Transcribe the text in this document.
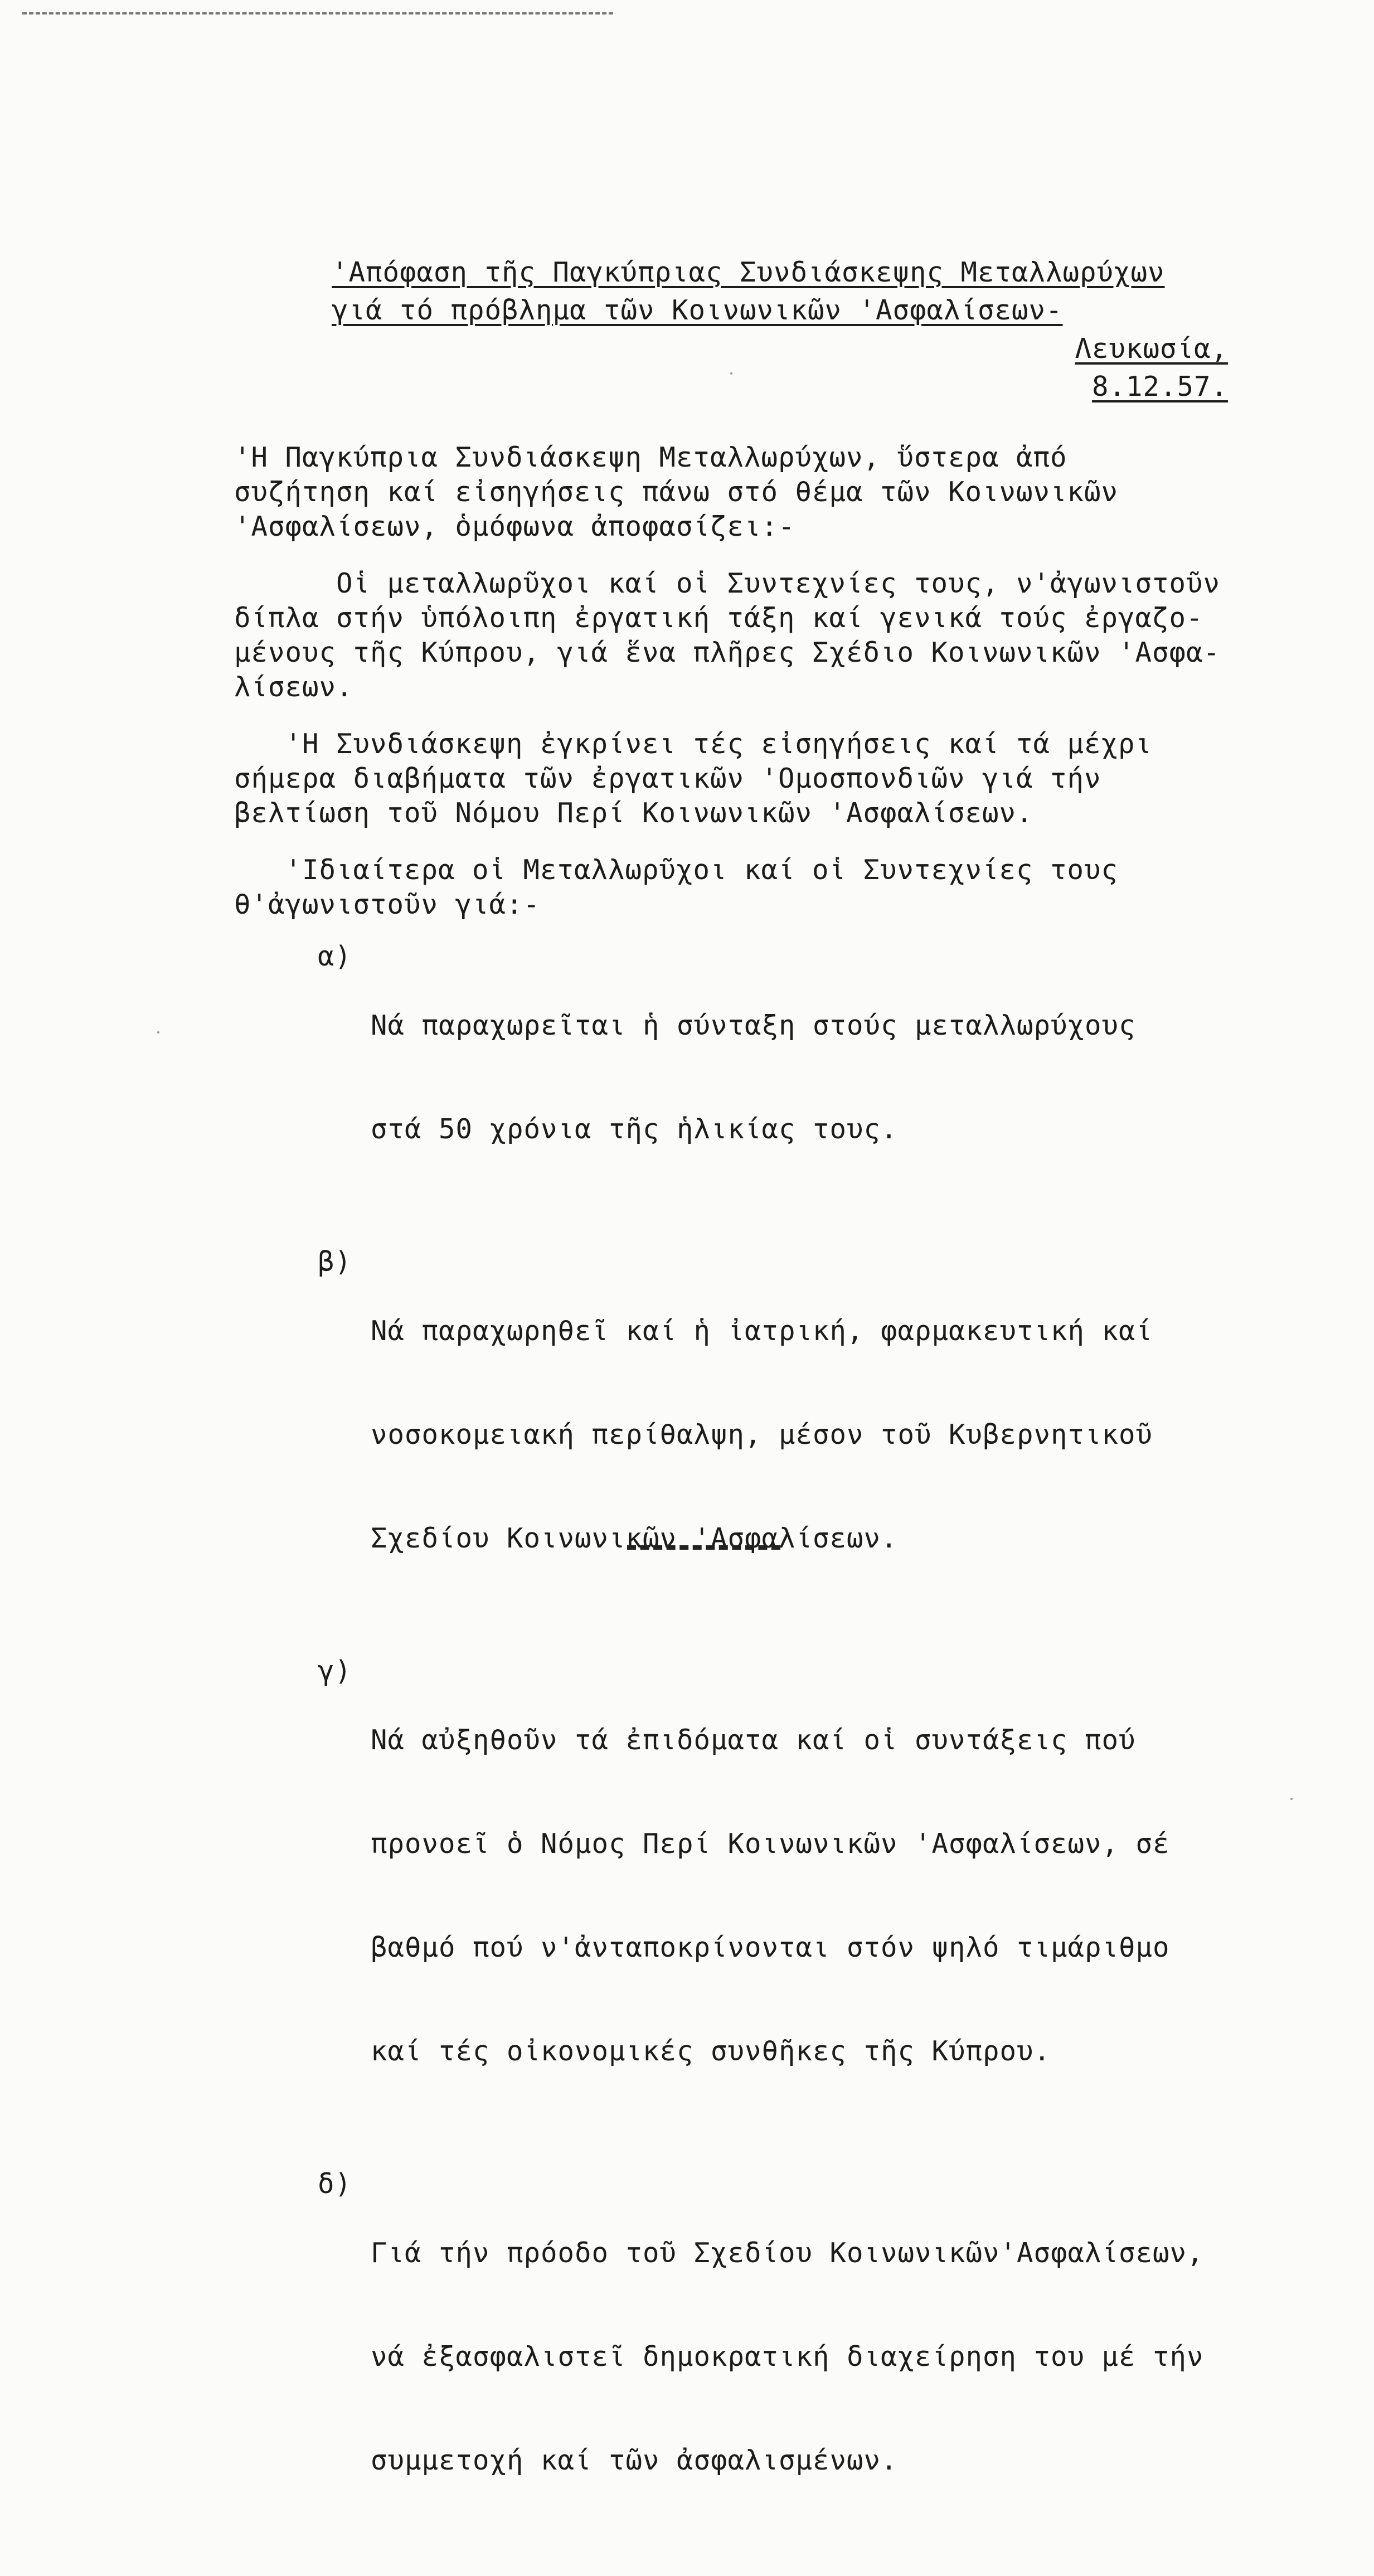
'Απόφαση τῆς Παγκύπριας Συνδιάσκεψης Μεταλλωρύχων
γιά τό πρόβλημα τῶν Κοινωνικῶν 'Ασφαλίσεων-
Λευκωσία,
8.12.57.

'Η Παγκύπρια Συνδιάσκεψη Μεταλλωρύχων, ὕστερα ἀπό

συζήτηση καί εἰσηγήσεις πάνω στό θέμα τῶν Κοινωνικῶν

'Ασφαλίσεων, ὁμόφωνα ἀποφασίζει:-

Οἱ μεταλλωρῦχοι καί οἱ Συντεχνίες τους, ν'ἀγωνιστοῦν

δίπλα στήν ὑπόλοιπη ἐργατική τάξη καί γενικά τούς ἐργαζο-

μένους τῆς Κύπρου, γιά ἕνα πλῆρες Σχέδιο Κοινωνικῶν 'Ασφα-

λίσεων.

'Η Συνδιάσκεψη ἐγκρίνει τές εἰσηγήσεις καί τά μέχρι

σήμερα διαβήματα τῶν ἐργατικῶν 'Ομοσπονδιῶν γιά τήν

βελτίωση τοῦ Νόμου Περί Κοινωνικῶν 'Ασφαλίσεων.

'Ιδιαίτερα οἱ Μεταλλωρῦχοι καί οἱ Συντεχνίες τους

θ'ἀγωνιστοῦν γιά:-

α)

Νά παραχωρεῖται ἡ σύνταξη στούς μεταλλωρύχους

στά 50 χρόνια τῆς ἡλικίας τους.

β)

Νά παραχωρηθεῖ καί ἡ ἰατρική, φαρμακευτική καί

νοσοκομειακή περίθαλψη, μέσον τοῦ Κυβερνητικοῦ

Σχεδίου Κοινωνικῶν 'Ασφαλίσεων.

γ)

Νά αὐξηθοῦν τά ἐπιδόματα καί οἱ συντάξεις πού

προνοεῖ ὁ Νόμος Περί Κοινωνικῶν 'Ασφαλίσεων, σέ

βαθμό πού ν'ἀνταποκρίνονται στόν ψηλό τιμάριθμο

καί τές οἰκονομικές συνθῆκες τῆς Κύπρου.

δ)

Γιά τήν πρόοδο τοῦ Σχεδίου Κοινωνικῶν'Ασφαλίσεων,

νά ἐξασφαλιστεῖ δημοκρατική διαχείρηση του μέ τήν

συμμετοχή καί τῶν ἀσφαλισμένων.
